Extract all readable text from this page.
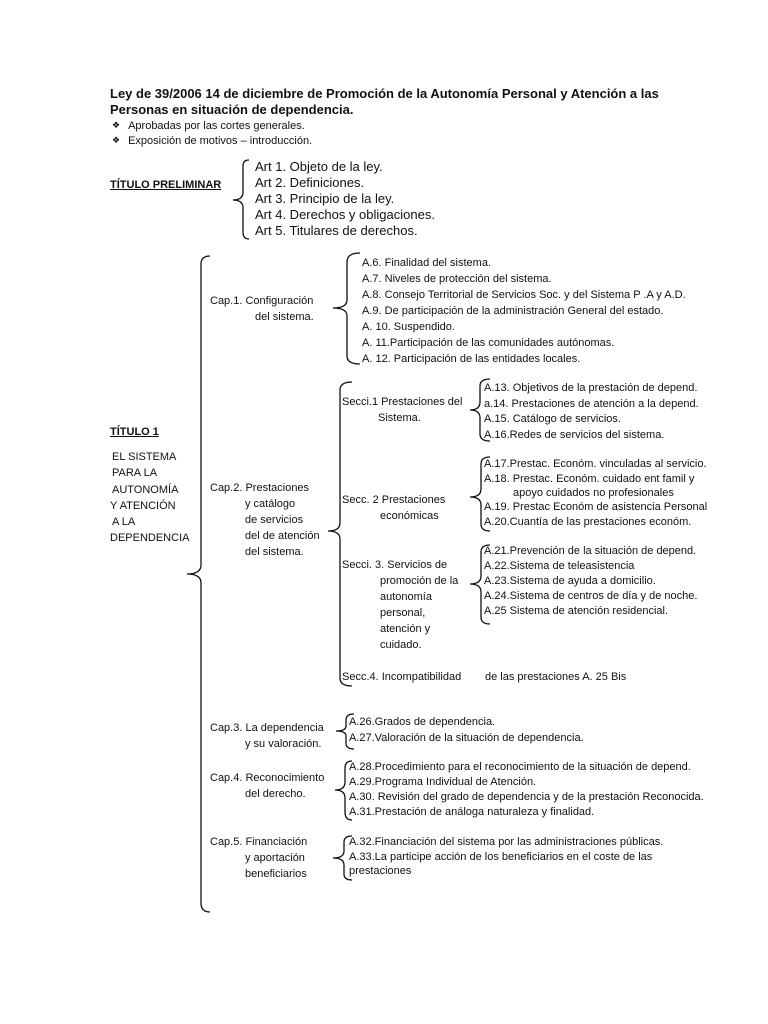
Ley de 39/2006 14 de diciembre de Promoción de la Autonomía Personal y Atención a las
Personas en situación de dependencia.
❖ Aprobadas por las cortes generales.
❖ Exposición de motivos – introducción.
TÍTULO PRELIMINAR
Art 1. Objeto de la ley.
Art 2. Definiciones.
Art 3. Principio de la ley.
Art 4. Derechos y obligaciones.
Art 5. Titulares de derechos.
TÍTULO 1
EL SISTEMA
PARA LA
AUTONOMÍA
Y ATENCIÓN
A LA
DEPENDENCIA
Cap.1. Configuración
del sistema.
A.6. Finalidad del sistema.
A.7. Niveles de protección del sistema.
A.8. Consejo Territorial de Servicios Soc. y del Sistema P .A y A.D.
A.9. De participación de la administración General del estado.
A. 10. Suspendido.
A. 11.Participación de las comunidades autónomas.
A. 12. Participación de las entidades locales.
Cap.2. Prestaciones
y catálogo
de servicios
del de atención
del sistema.
Secci.1 Prestaciones del
Sistema.
A.13. Objetivos de la prestación de depend.
a.14. Prestaciones de atención a la depend.
A.15. Catálogo de servicios.
A.16.Redes de servicios del sistema.
Secc. 2 Prestaciones
económicas
A.17.Prestac. Económ. vinculadas al servicio.
A.18. Prestac. Económ. cuidado ent famil y
apoyo cuidados no profesionales
A.19. Prestac Económ de asistencia Personal
A.20.Cuantía de las prestaciones económ.
Secci. 3. Servicios de
promoción de la
autonomía
personal,
atención y
cuidado.
A.21.Prevención de la situación de depend.
A.22.Sistema de teleasistencia
A.23.Sistema de ayuda a domicilio.
A.24.Sistema de centros de día y de noche.
A.25 Sistema de atención residencial.
Secc.4. Incompatibilidad de las prestaciones A. 25 Bis
Cap.3. La dependencia
y su valoración.
A.26.Grados de dependencia.
A.27.Valoración de la situación de dependencia.
Cap.4. Reconocimiento
del derecho.
A.28.Procedimiento para el reconocimiento de la situación de depend.
A.29.Programa Individual de Atención.
A.30. Revisión del grado de dependencia y de la prestación Reconocida.
A.31.Prestación de análoga naturaleza y finalidad.
Cap.5. Financiación
y aportación
beneficiarios
A.32.Financiación del sistema por las administraciones públicas.
A.33.La participe acción de los beneficiarios en el coste de las
prestaciones
